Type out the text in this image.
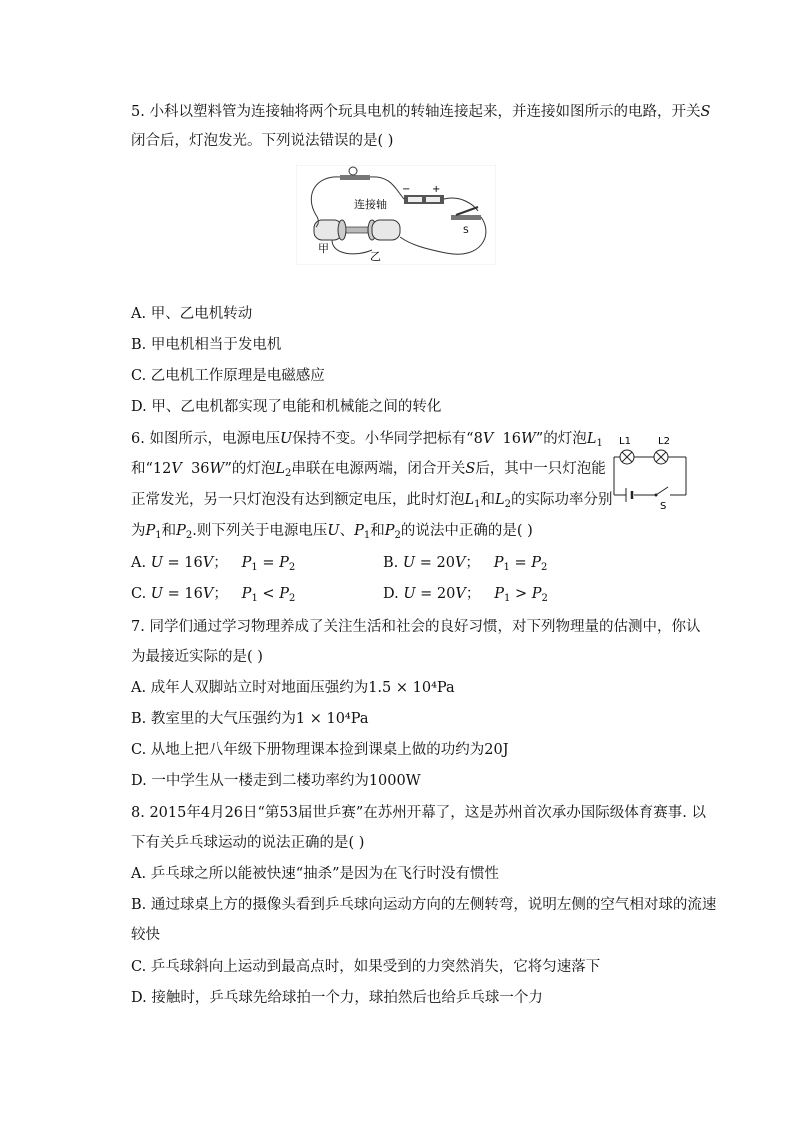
5. 小科以塑料管为连接轴将两个玩具电机的转轴连接起来，并连接如图所示的电路，开关S
闭合后，灯泡发光。下列说法错误的是( )
− +
S
连接轴
甲
乙
A. 甲、乙电机转动
B. 甲电机相当于发电机
C. 乙电机工作原理是电磁感应
D. 甲、乙电机都实现了电能和机械能之间的转化
6. 如图所示，电源电压U保持不变。小华同学把标有“8V 16W”的灯泡$L_1$
和“12V 36W”的灯泡$L_2$串联在电源两端，闭合开关S后，其中一只灯泡能
正常发光，另一只灯泡没有达到额定电压，此时灯泡$L_1$和$L_2$的实际功率分别
为$P_1$和$P_2$.则下列关于电源电压U、$P_1$和$P_2$的说法中正确的是( )
L1	L2
S
A. U = 16V；   $P_1 = P_2$	B. U = 20V；   $P_1 = P_2$
C. U = 16V；   $P_1 < P_2$	D. U = 20V；   $P_1 > P_2$
7. 同学们通过学习物理养成了关注生活和社会的良好习惯，对下列物理量的估测中，你认
为最接近实际的是( )
A. 成年人双脚站立时对地面压强约为1.5 × 10⁴Pa
B. 教室里的大气压强约为1 × 10⁴Pa
C. 从地上把八年级下册物理课本捡到课桌上做的功约为20J
D. 一中学生从一楼走到二楼功率约为1000W
8. 2015年4月26日“第53届世乒赛”在苏州开幕了，这是苏州首次承办国际级体育赛事. 以
下有关乒乓球运动的说法正确的是( )
A. 乒乓球之所以能被快速“抽杀”是因为在飞行时没有惯性
B. 通过球桌上方的摄像头看到乒乓球向运动方向的左侧转弯，说明左侧的空气相对球的流速
较快
C. 乒乓球斜向上运动到最高点时，如果受到的力突然消失，它将匀速落下
D. 接触时，乒乓球先给球拍一个力，球拍然后也给乒乓球一个力
